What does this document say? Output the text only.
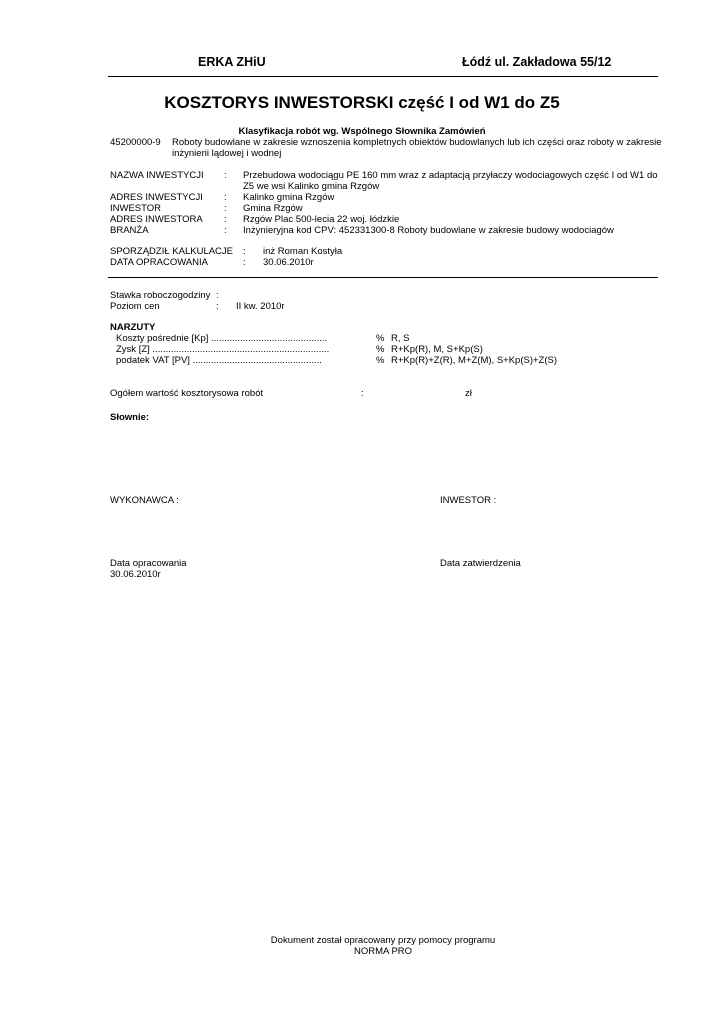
ERKA ZHiU	Łódź ul. Zakładowa 55/12
KOSZTORYS INWESTORSKI część I od W1 do Z5
Klasyfikacja robót wg. Wspólnego Słownika Zamówień
45200000-9 Roboty budowlane w zakresie wznoszenia kompletnych obiektów budowlanych lub ich części oraz roboty w zakresie inżynierii lądowej i wodnej
NAZWA INWESTYCJI : Przebudowa wodociągu PE 160 mm wraz z adaptacją przyłaczy wodociagowych część I od W1 do Z5 we wsi Kalinko gmina Rzgów
ADRES INWESTYCJI : Kalinko gmina Rzgów
INWESTOR	: Gmina Rzgów
ADRES INWESTORA : Rzgów Plac 500-lecia 22 woj. łódzkie
BRANŻA	: Inżynieryjna kod CPV: 452331300-8 Roboty budowlane w zakresie budowy wodociagów
SPORZĄDZIŁ KALKULACJE : inż Roman Kostyła
DATA OPRACOWANIA	: 30.06.2010r
Stawka roboczogodziny :
Poziom cen	: II kw. 2010r
NARZUTY
Koszty pośrednie [Kp] ............................................	% R, S
Zysk [Z] ...................................................................	% R+Kp(R), M, S+Kp(S)
podatek VAT [PV] .................................................	% R+Kp(R)+Z(R), M+Z(M), S+Kp(S)+Z(S)
Ogółem wartość kosztorysowa robót	:	zł
Słownie:
WYKONAWCA :	INWESTOR :
Data opracowania
30.06.2010r
Data zatwierdzenia
Dokument został opracowany przy pomocy programu
NORMA PRO
